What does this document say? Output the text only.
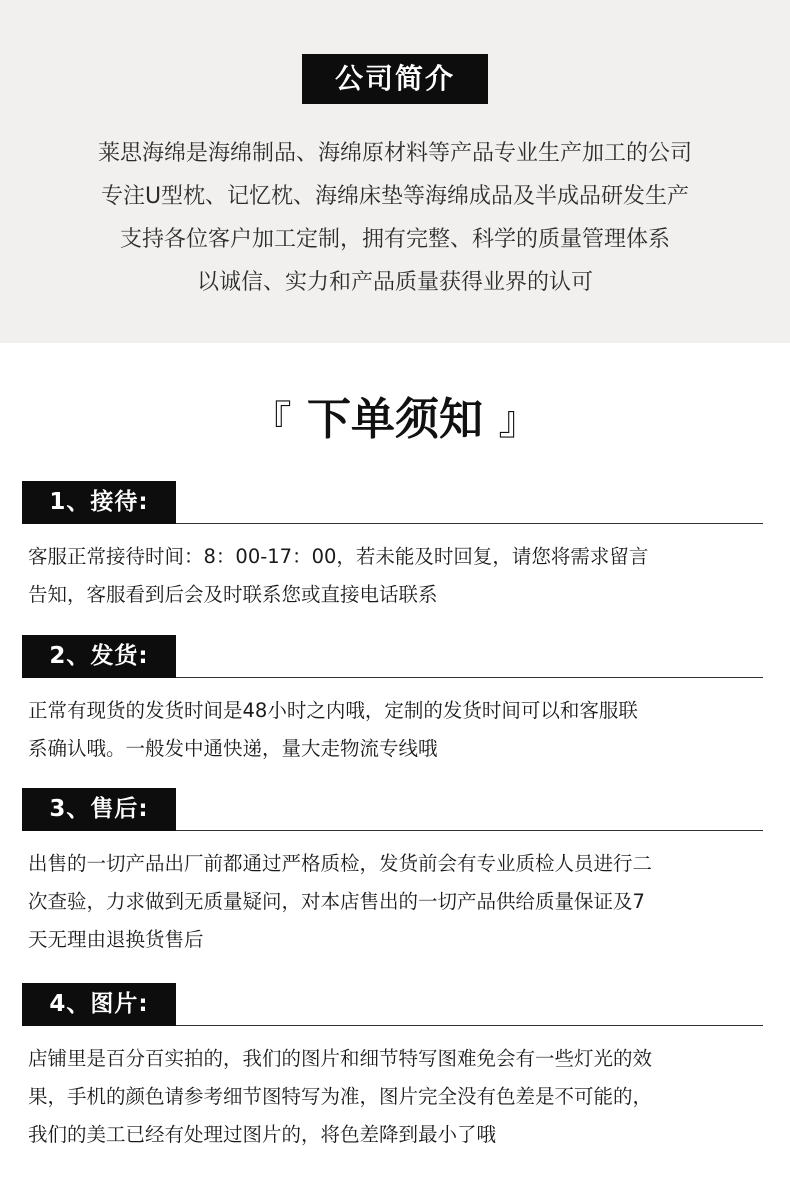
公司简介
莱思海绵是海绵制品、海绵原材料等产品专业生产加工的公司
专注U型枕、记忆枕、海绵床垫等海绵成品及半成品研发生产
支持各位客户加工定制，拥有完整、科学的质量管理体系
以诚信、实力和产品质量获得业界的认可
『 下单须知 』
1、接待:
客服正常接待时间：8：00-17：00，若未能及时回复，请您将需求留言
告知，客服看到后会及时联系您或直接电话联系
2、发货:
正常有现货的发货时间是48小时之内哦，定制的发货时间可以和客服联
系确认哦。一般发中通快递，量大走物流专线哦
3、售后:
出售的一切产品出厂前都通过严格质检，发货前会有专业质检人员进行二
次查验，力求做到无质量疑问，对本店售出的一切产品供给质量保证及7
天无理由退换货售后
4、图片:
店铺里是百分百实拍的，我们的图片和细节特写图难免会有一些灯光的效
果，手机的颜色请参考细节图特写为准，图片完全没有色差是不可能的，
我们的美工已经有处理过图片的，将色差降到最小了哦
